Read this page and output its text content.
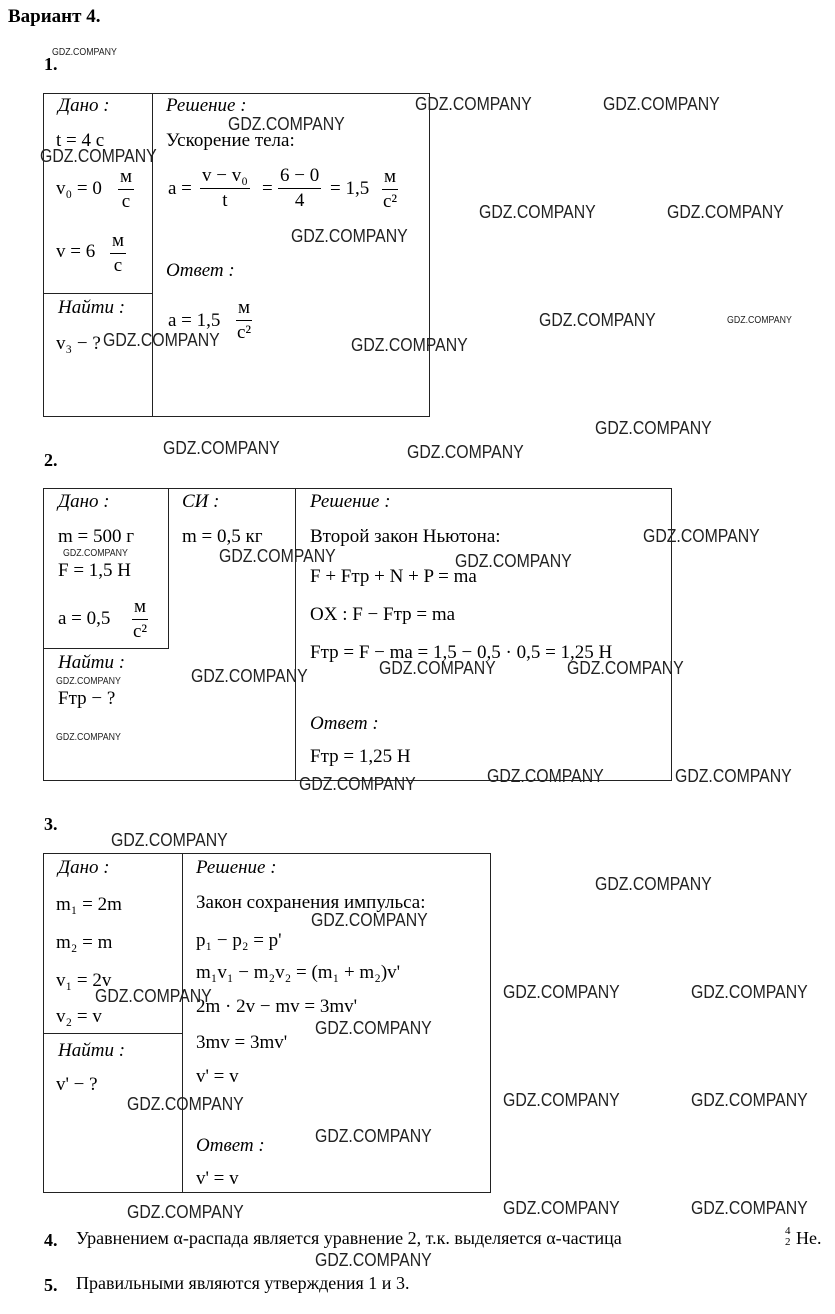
Вариант 4.
1.
Дано :
t = 4 с
v₀ = 0
м
с
v = 6
м
с
Найти :
v₃ − ?
Решение :
Ускорение тела:
$a = \frac{\text{v − v₀}}{t} = \frac{6 - 0}{4} = 1,5$
м
с²
Ответ :
a = 1,5
м
с²
2.
Дано :
m = 500 г
F = 1,5 Н
a = 0,5
м
с²
Найти :
Fтр − ?
СИ :
m = 0,5 кг
Решение :
Второй закон Ньютона:
F + Fтр + N + P = ma
OX : F − Fтр = ma
Fтр = F − ma = 1,5 − 0,5 · 0,5 = 1,25 Н
Ответ :
Fтр = 1,25 Н
3.
Дано :
m₁ = 2m
m₂ = m
v₁ = 2v
v₂ = v
Найти :
v' − ?
Решение :
Закон сохранения импульса:
p₁ − p₂ = p'
m₁v₁ − m₂v₂ = (m₁ + m₂)v'
2m · 2v − mv = 3mv'
3mv = 3mv'
v' = v
Ответ :
v' = v
4. Уравнением α-распада является уравнение 2, т.к. выделяется α-частица	4
2 He.
5. Правильными являются утверждения 1 и 3.
GDZ.COMPANY
GDZ.COMPANY
GDZ.COMPANY	GDZ.COMPANY
GDZ.COMPANY
GDZ.COMPANY	GDZ.COMPANY
GDZ.COMPANY
GDZ.COMPANY	GDZ.COMPANY
GDZ.COMPANY	GDZ.COMPANY
GDZ.COMPANY
GDZ.COMPANY	GDZ.COMPANY
GDZ.COMPANY
GDZ.COMPANY	GDZ.COMPANY	GDZ.COMPANY
GDZ.COMPANY	GDZ.COMPANY
GDZ.COMPANY
GDZ.COMPANY
GDZ.COMPANY
GDZ.COMPANY	GDZ.COMPANY
GDZ.COMPANY
GDZ.COMPANY
GDZ.COMPANY
GDZ.COMPANY
GDZ.COMPANY	GDZ.COMPANY	GDZ.COMPANY
GDZ.COMPANY
GDZ.COMPANY	GDZ.COMPANY	GDZ.COMPANY
GDZ.COMPANY
GDZ.COMPANY	GDZ.COMPANY	GDZ.COMPANY
GDZ.COMPANY
